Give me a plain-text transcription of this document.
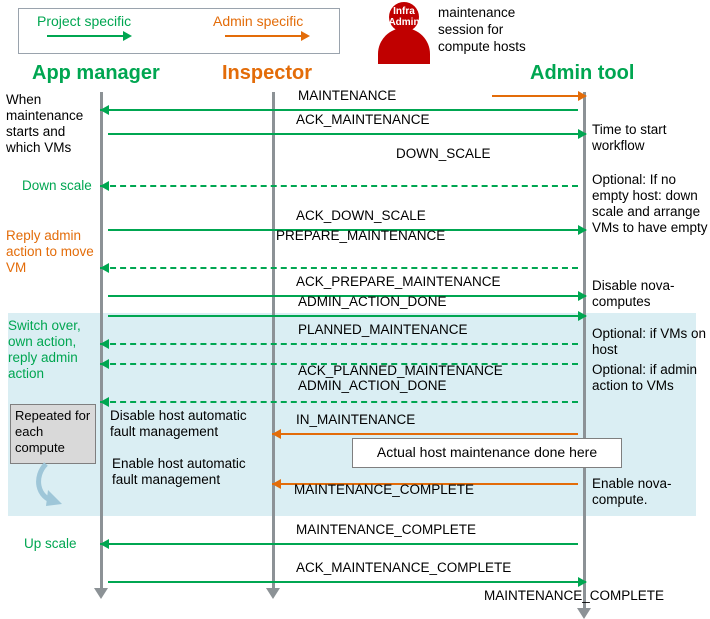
Project specific	Admin specific
Infra Admin
maintenance session for compute hosts
App manager	Inspector	Admin tool
MAINTENANCE
ACK_MAINTENANCE
DOWN_SCALE
ACK_DOWN_SCALE
PREPARE_MAINTENANCE
ACK_PREPARE_MAINTENANCE
ADMIN_ACTION_DONE
PLANNED_MAINTENANCE
ACK_PLANNED_MAINTENANCE
ADMIN_ACTION_DONE
IN_MAINTENANCE
MAINTENANCE_COMPLETE
MAINTENANCE_COMPLETE
ACK_MAINTENANCE_COMPLETE
MAINTENANCE_COMPLETE
When maintenance starts and which VMs
Down scale
Reply admin action to move VM
Switch over, own action, reply admin action
Up scale
Time to start workflow
Optional: If no empty host: down scale and arrange VMs to have empty
Disable nova-computes
Optional: if VMs on host
Optional: if admin action to VMs
Enable nova-compute.
Disable host automatic fault management
Enable host automatic fault management
Repeated for each compute	Actual host maintenance done here
